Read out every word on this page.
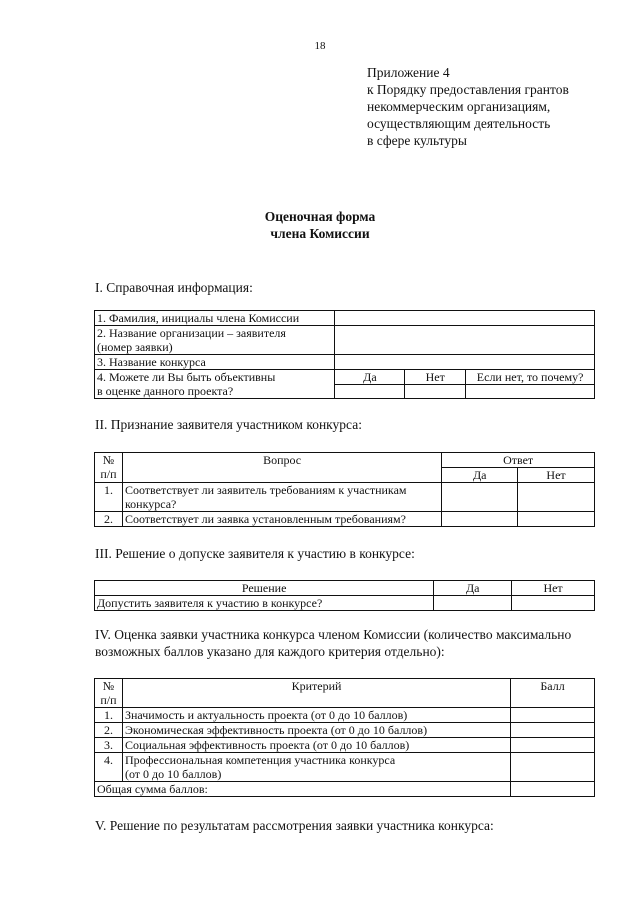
18
Приложение 4
к Порядку предоставления грантов
некоммерческим организациям,
осуществляющим деятельность
в сфере культуры
Оценочная форма
члена Комиссии
I. Справочная информация:
1. Фамилия, инициалы члена Комиссии			

2. Название организации – заявителя
(номер заявки)			

3. Название конкурса			

4. Можете ли Вы быть объективны
в оценке данного проекта?	Да	Нет	Если нет, то почему?

II. Признание заявителя участником конкурса:
№
п/п	Вопрос	Ответ	
		Да	Нет
1.	Соответствует ли заявитель требованиям к участникам
конкурса?		

2.	Соответствует ли заявка установленным требованиям?		
III. Решение о допуске заявителя к участию в конкурсе:
Решение	Да	Нет
Допустить заявителя к участию в конкурсе?		
IV. Оценка заявки участника конкурса членом Комиссии (количество максимально
возможных баллов указано для каждого критерия отдельно):
№
п/п	Критерий	Балл
1.	Значимость и актуальность проекта (от 0 до 10 баллов)	
2.	Экономическая эффективность проекта (от 0 до 10 баллов)	
3.	Социальная эффективность проекта (от 0 до 10 баллов)	
4.	Профессиональная компетенция участника конкурса
(от 0 до 10 баллов)	

Общая сумма баллов:		
V. Решение по результатам рассмотрения заявки участника конкурса:
